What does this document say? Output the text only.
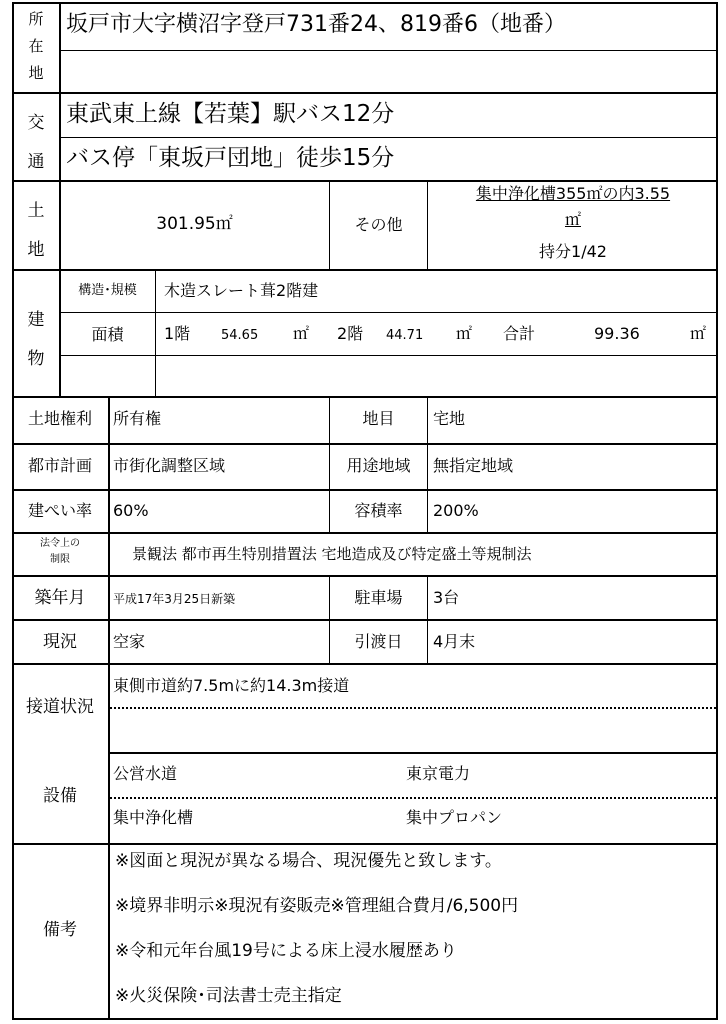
所
在
地
坂戸市大字横沼字登戸731番24、819番6（地番）
交
通
東武東上線【若葉】駅バス12分
バス停「東坂戸団地」徒歩15分
土
地
301.95㎡	その他
集中浄化槽355㎡の内3.55
㎡
持分1/42
建
物
構造･規模	木造スレート葺2階建
面積	1階 54.65 ㎡ 2階 44.71 ㎡ 合計	99.36	㎡
土地権利	所有権	地目	宅地
都市計画	市街化調整区域	用途地域	無指定地域
建ぺい率	60%	容積率	200%
法令上の
制限	景観法 都市再生特別措置法 宅地造成及び特定盛土等規制法
築年月	平成17年3月25日新築	駐車場	3台
現況	空家	引渡日	4月末
接道状況
東側市道約7.5mに約14.3m接道
設備
公営水道	東京電力
集中浄化槽	集中プロパン
備考
※図面と現況が異なる場合、現況優先と致します。
※境界非明示※現況有姿販売※管理組合費月/6,500円
※令和元年台風19号による床上浸水履歴あり
※火災保険･司法書士売主指定
